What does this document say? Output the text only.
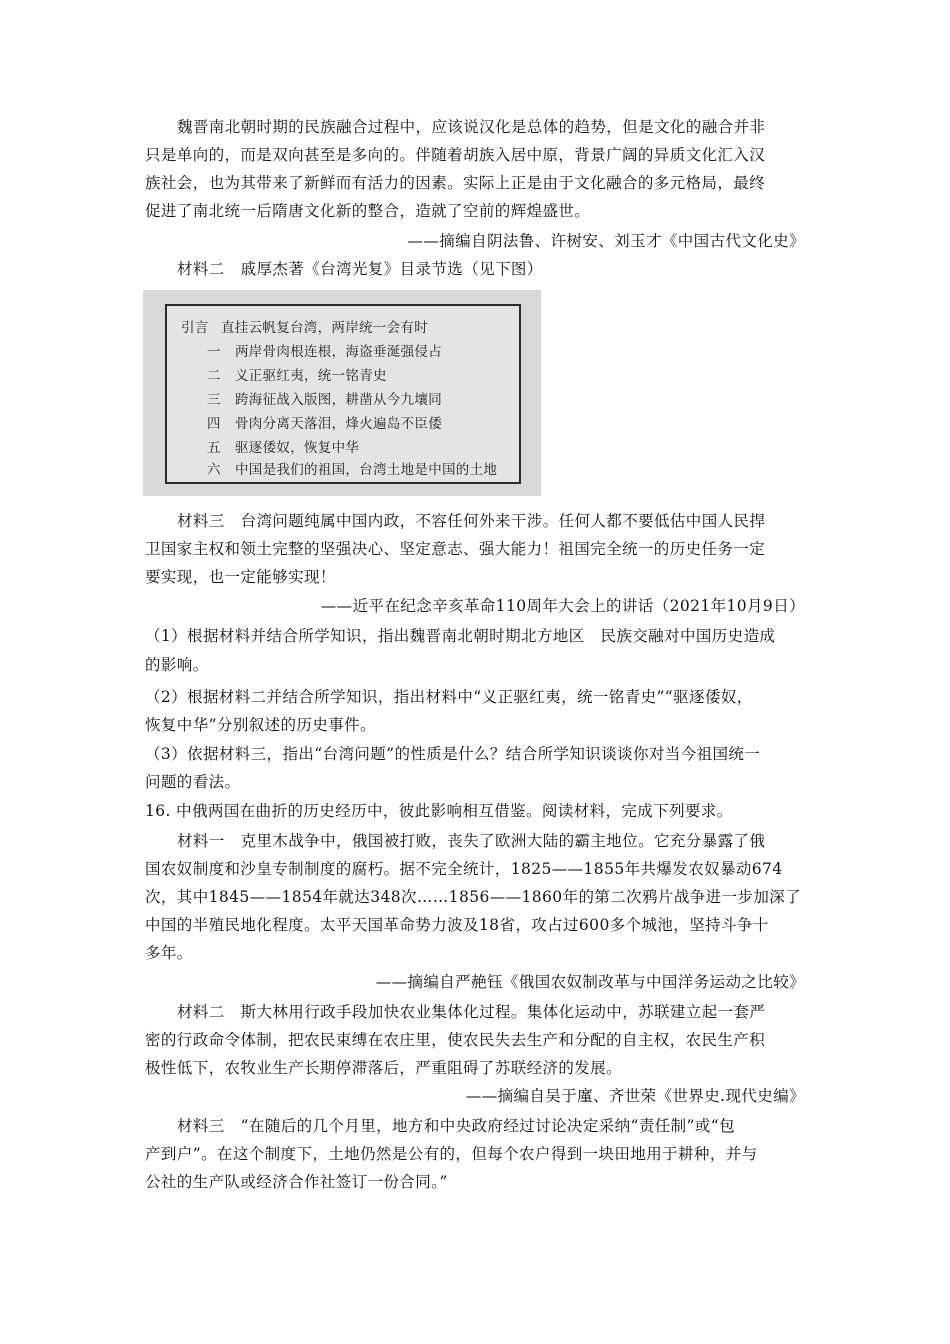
魏晋南北朝时期的民族融合过程中，应该说汉化是总体的趋势，但是文化的融合并非
只是单向的，而是双向甚至是多向的。伴随着胡族入居中原，背景广阔的异质文化汇入汉
族社会，也为其带来了新鲜而有活力的因素。实际上正是由于文化融合的多元格局，最终
促进了南北统一后隋唐文化新的整合，造就了空前的辉煌盛世。
——摘编自阴法鲁、许树安、刘玉才《中国古代文化史》
材料二　戚厚杰著《台湾光复》目录节选（见下图）
引言 直挂云帆复台湾，两岸统一会有时
一 两岸骨肉根连根，海盗垂涎强侵占
二 义正驱红夷，统一铭青史
三 跨海征战入版图，耕凿从今九壤同
四 骨肉分离天落泪，烽火遍岛不臣倭
五 驱逐倭奴，恢复中华
六 中国是我们的祖国，台湾土地是中国的土地
材料三　台湾问题纯属中国内政，不容任何外来干涉。任何人都不要低估中国人民捍
卫国家主权和领土完整的坚强决心、坚定意志、强大能力！祖国完全统一的历史任务一定
要实现，也一定能够实现！
——近平在纪念辛亥革命110周年大会上的讲话（2021年10月9日）
（1）根据材料并结合所学知识，指出魏晋南北朝时期北方地区　民族交融对中国历史造成
的影响。
（2）根据材料二并结合所学知识，指出材料中“义正驱红夷，统一铭青史”“驱逐倭奴，
恢复中华”分别叙述的历史事件。
（3）依据材料三，指出“台湾问题”的性质是什么？结合所学知识谈谈你对当今祖国统一
问题的看法。
16. 中俄两国在曲折的历史经历中，彼此影响相互借鉴。阅读材料，完成下列要求。
材料一　克里木战争中，俄国被打败，丧失了欧洲大陆的霸主地位。它充分暴露了俄
国农奴制度和沙皇专制制度的腐朽。据不完全统计，1825——1855年共爆发农奴暴动674
次，其中1845——1854年就达348次……1856——1860年的第二次鸦片战争进一步加深了
中国的半殖民地化程度。太平天国革命势力波及18省，攻占过600多个城池，坚持斗争十
多年。
——摘编自严赩钰《俄国农奴制改革与中国洋务运动之比较》
材料二　斯大林用行政手段加快农业集体化过程。集体化运动中，苏联建立起一套严
密的行政命令体制，把农民束缚在农庄里，使农民失去生产和分配的自主权，农民生产积
极性低下，农牧业生产长期停滞落后，严重阻碍了苏联经济的发展。
——摘编自吴于廑、齐世荣《世界史.现代史编》
材料三　“在随后的几个月里，地方和中央政府经过讨论决定采纳“责任制”或“包
产到户”。在这个制度下，土地仍然是公有的，但每个农户得到一块田地用于耕种，并与
公社的生产队或经济合作社签订一份合同。”
